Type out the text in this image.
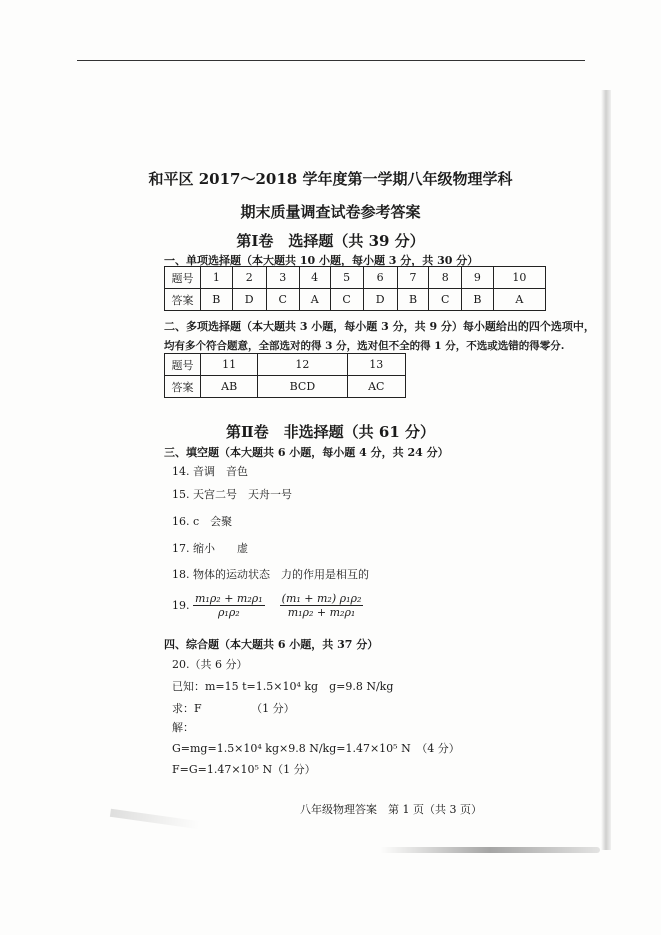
和平区 2017～2018 学年度第一学期八年级物理学科
期末质量调查试卷参考答案
第Ⅰ卷　选择题（共 39 分）
一、单项选择题（本大题共 10 小题，每小题 3 分，共 30 分）
题号	1	2	3	4	5	6	7	8	9	10
答案	B	D	C	A	C	D	B	C	B	A
二、多项选择题（本大题共 3 小题，每小题 3 分，共 9 分）每小题给出的四个选项中，
均有多个符合题意，全部选对的得 3 分，选对但不全的得 1 分，不选或选错的得零分.
题号	11	12	13
答案	AB	BCD	AC
第Ⅱ卷　非选择题（共 61 分）
三、填空题（本大题共 6 小题，每小题 4 分，共 24 分）
14. 音调　音色
15. 天宫二号　天舟一号
16. c　会聚
17. 缩小　　虚
18. 物体的运动状态　力的作用是相互的
19. $\frac{\text{m₁ρ₂ + m₂ρ₁}}{\text{ρ₁ρ₂}}$
$\frac{\text{(m₁ + m₂) ρ₁ρ₂}}{\text{m₁ρ₂ + m₂ρ₁}}$
四、综合题（本大题共 6 小题，共 37 分）
20.（共 6 分）
已知：m=15 t=1.5×10⁴ kg　g=9.8 N/kg
求：F　　　　　（1 分）
解：
G=mg=1.5×10⁴ kg×9.8 N/kg=1.47×10⁵ N　（4 分）
F=G=1.47×10⁵ N（1 分）
八年级物理答案　第 1 页（共 3 页）
